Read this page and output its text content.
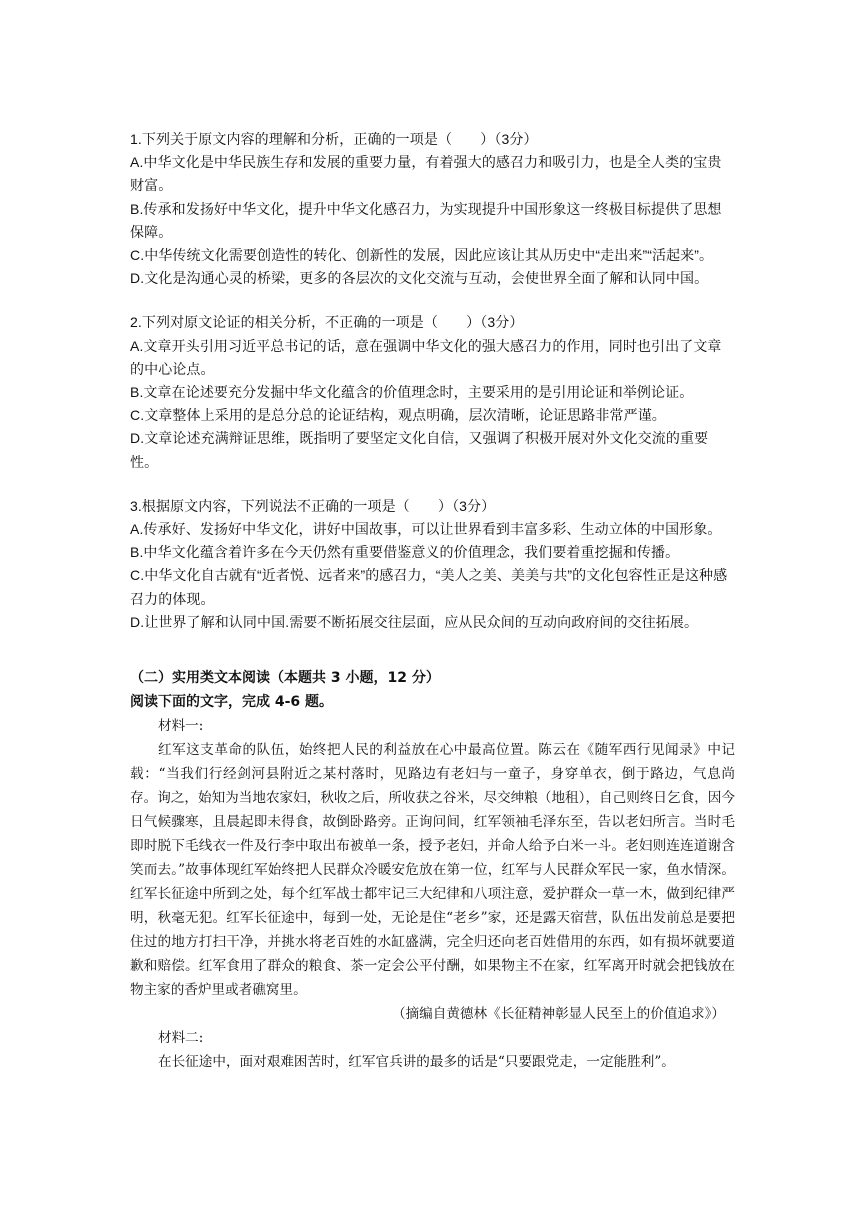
1.下列关于原文内容的理解和分析，正确的一项是（　　）（3分）

A.中华文化是中华民族生存和发展的重要力量，有着强大的感召力和吸引力，也是全人类的宝贵财富。

B.传承和发扬好中华文化，提升中华文化感召力，为实现提升中国形象这一终极目标提供了思想保障。

C.中华传统文化需要创造性的转化、创新性的发展，因此应该让其从历史中“走出来”“活起来”。

D.文化是沟通心灵的桥梁，更多的各层次的文化交流与互动，会使世界全面了解和认同中国。

2.下列对原文论证的相关分析，不正确的一项是（　　）（3分）

A.文章开头引用习近平总书记的话，意在强调中华文化的强大感召力的作用，同时也引出了文章的中心论点。

B.文章在论述要充分发掘中华文化蕴含的价值理念时，主要采用的是引用论证和举例论证。

C.文章整体上采用的是总分总的论证结构，观点明确，层次清晰，论证思路非常严谨。

D.文章论述充满辩证思维，既指明了要坚定文化自信，又强调了积极开展对外文化交流的重要性。

3.根据原文内容，下列说法不正确的一项是（　　）（3分）

A.传承好、发扬好中华文化，讲好中国故事，可以让世界看到丰富多彩、生动立体的中国形象。

B.中华文化蕴含着许多在今天仍然有重要借鉴意义的价值理念，我们要着重挖掘和传播。

C.中华文化自古就有“近者悦、远者来”的感召力，“美人之美、美美与共”的文化包容性正是这种感召力的体现。

D.让世界了解和认同中国.需要不断拓展交往层面，应从民众间的互动向政府间的交往拓展。

（二）实用类文本阅读（本题共 3 小题，12 分）

阅读下面的文字，完成 4-6 题。

材料一:

红军这支革命的队伍，始终把人民的利益放在心中最高位置。陈云在《随军西行见闻录》中记载：“当我们行经剑河县附近之某村落时，见路边有老妇与一童子，身穿单衣，倒于路边，气息尚存。询之，始知为当地农家妇，秋收之后，所收获之谷米，尽交绅粮（地租），自己则终日乞食，因今日气候骤寒，且晨起即未得食，故倒卧路旁。正询问间，红军领袖毛泽东至，告以老妇所言。当时毛即时脱下毛线衣一件及行李中取出布被单一条，授予老妇，并命人给予白米一斗。老妇则连连道谢含笑而去。”故事体现红军始终把人民群众冷暖安危放在第一位，红军与人民群众军民一家，鱼水情深。红军长征途中所到之处，每个红军战士都牢记三大纪律和八项注意，爱护群众一草一木，做到纪律严明，秋毫无犯。红军长征途中，每到一处，无论是住“老乡”家，还是露天宿营，队伍出发前总是要把住过的地方打扫干净，并挑水将老百姓的水缸盛满，完全归还向老百姓借用的东西，如有损坏就要道歉和赔偿。红军食用了群众的粮食、茶一定会公平付酬，如果物主不在家，红军离开时就会把钱放在物主家的香炉里或者礁窝里。

（摘编自黄德林《长征精神彰显人民至上的价值追求》）

材料二:

在长征途中，面对艰难困苦时，红军官兵讲的最多的话是“只要跟党走，一定能胜利”。
